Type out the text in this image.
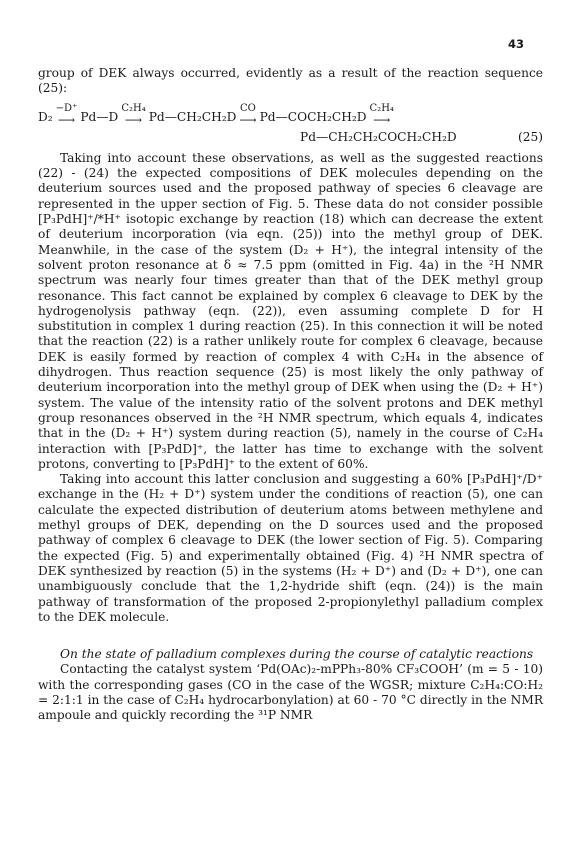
43

group of DEK always occurred, evidently as a result of the reaction sequence (25):

D₂
−D⁺
⟶ Pd—D
C₂H₄
⟶ Pd—CH₂CH₂D
CO
⟶ Pd—COCH₂CH₂D
C₂H₄
⟶
Pd—CH₂CH₂COCH₂CH₂D	(25)

Taking into account these observations, as well as the suggested reactions (22) - (24) the expected compositions of DEK molecules depending on the deuterium sources used and the proposed pathway of species 6 cleavage are represented in the upper section of Fig. 5. These data do not consider possible [P₃PdH]⁺/*H⁺ isotopic exchange by reaction (18) which can decrease the extent of deuterium incorporation (via eqn. (25)) into the methyl group of DEK. Meanwhile, in the case of the system (D₂ + H⁺), the integral intensity of the solvent proton resonance at δ ≈ 7.5 ppm (omitted in Fig. 4a) in the ²H NMR spectrum was nearly four times greater than that of the DEK methyl group resonance. This fact cannot be explained by complex 6 cleavage to DEK by the hydrogenolysis pathway (eqn. (22)), even assuming complete D for H substitution in complex 1 during reaction (25). In this connection it will be noted that the reaction (22) is a rather unlikely route for complex 6 cleavage, because DEK is easily formed by reaction of complex 4 with C₂H₄ in the absence of dihydrogen. Thus reaction sequence (25) is most likely the only pathway of deuterium incorporation into the methyl group of DEK when using the (D₂ + H⁺) system. The value of the intensity ratio of the solvent protons and DEK methyl group resonances observed in the ²H NMR spectrum, which equals 4, indicates that in the (D₂ + H⁺) system during reaction (5), namely in the course of C₂H₄ interaction with [P₃PdD]⁺, the latter has time to exchange with the solvent protons, converting to [P₃PdH]⁺ to the extent of 60%.

Taking into account this latter conclusion and suggesting a 60% [P₃PdH]⁺/D⁺ exchange in the (H₂ + D⁺) system under the conditions of reaction (5), one can calculate the expected distribution of deuterium atoms between methylene and methyl groups of DEK, depending on the D sources used and the proposed pathway of complex 6 cleavage to DEK (the lower section of Fig. 5). Comparing the expected (Fig. 5) and experimentally obtained (Fig. 4) ²H NMR spectra of DEK synthesized by reaction (5) in the systems (H₂ + D⁺) and (D₂ + D⁺), one can unambiguously conclude that the 1,2-hydride shift (eqn. (24)) is the main pathway of transformation of the proposed 2-propionylethyl palladium complex to the DEK molecule.

On the state of palladium complexes during the course of catalytic reactions

Contacting the catalyst system ‘Pd(OAc)₂-mPPh₃-80% CF₃COOH’ (m = 5 - 10) with the corresponding gases (CO in the case of the WGSR; mixture C₂H₄:CO:H₂ = 2:1:1 in the case of C₂H₄ hydrocarbonylation) at 60 - 70 °C directly in the NMR ampoule and quickly recording the ³¹P NMR
